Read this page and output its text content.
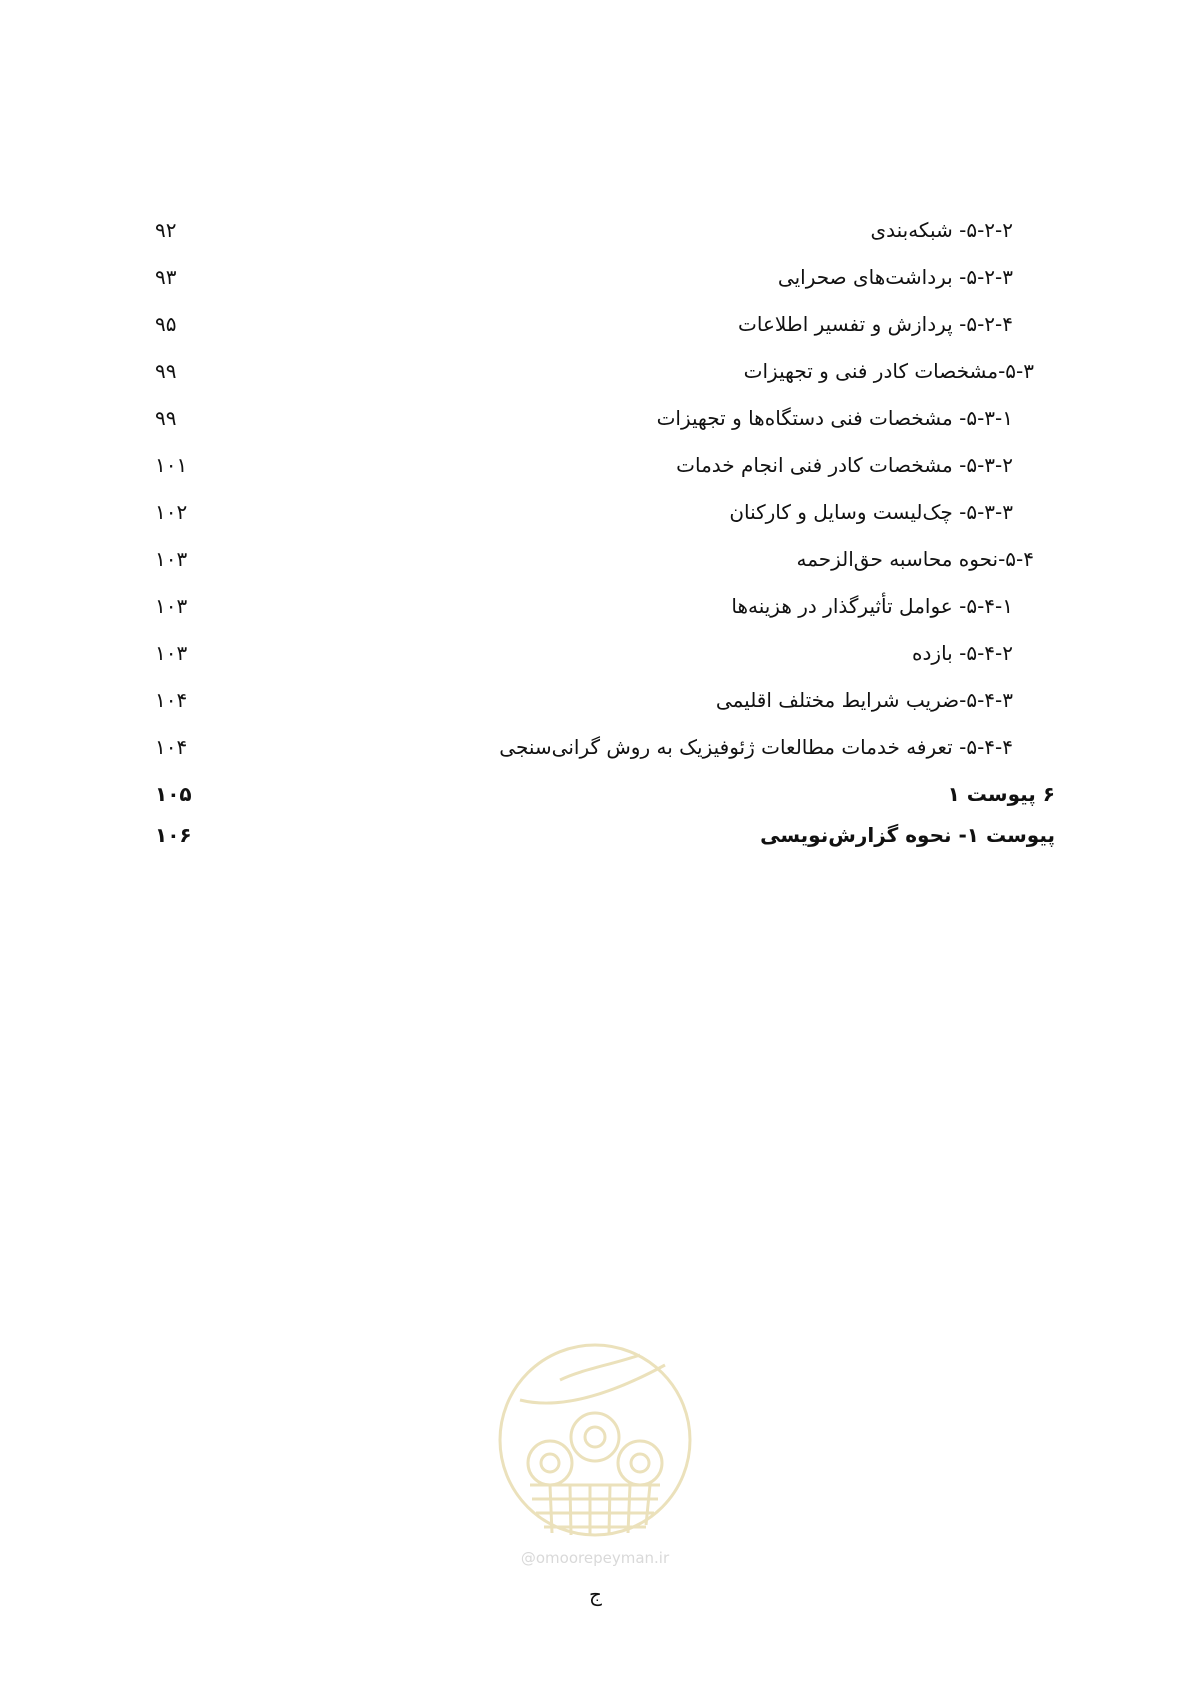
۵-۲-۲- شبکه‌بندی
۹۲
۵-۲-۳- برداشت‌های صحرایی
۹۳
۵-۲-۴- پردازش و تفسیر اطلاعات
۹۵
۵-۳-مشخصات کادر فنی و تجهیزات
۹۹
۵-۳-۱- مشخصات فنی دستگاه‌ها و تجهیزات
۹۹
۵-۳-۲- مشخصات کادر فنی انجام خدمات
۱۰۱
۵-۳-۳- چک‌لیست وسایل و کارکنان
۱۰۲
۵-۴-نحوه محاسبه حق‌الزحمه
۱۰۳
۵-۴-۱- عوامل تأثیرگذار در هزینه‌ها
۱۰۳
۵-۴-۲- بازده
۱۰۳
۵-۴-۳-ضریب شرایط مختلف اقلیمی
۱۰۴
۵-۴-۴- تعرفه خدمات مطالعات ژئوفیزیک به روش گرانی‌سنجی
۱۰۴
۶ پیوست ۱
۱۰۵
پیوست ۱- نحوه گزارش‌نویسی
۱۰۶
@omoorepeyman.ir
ج
